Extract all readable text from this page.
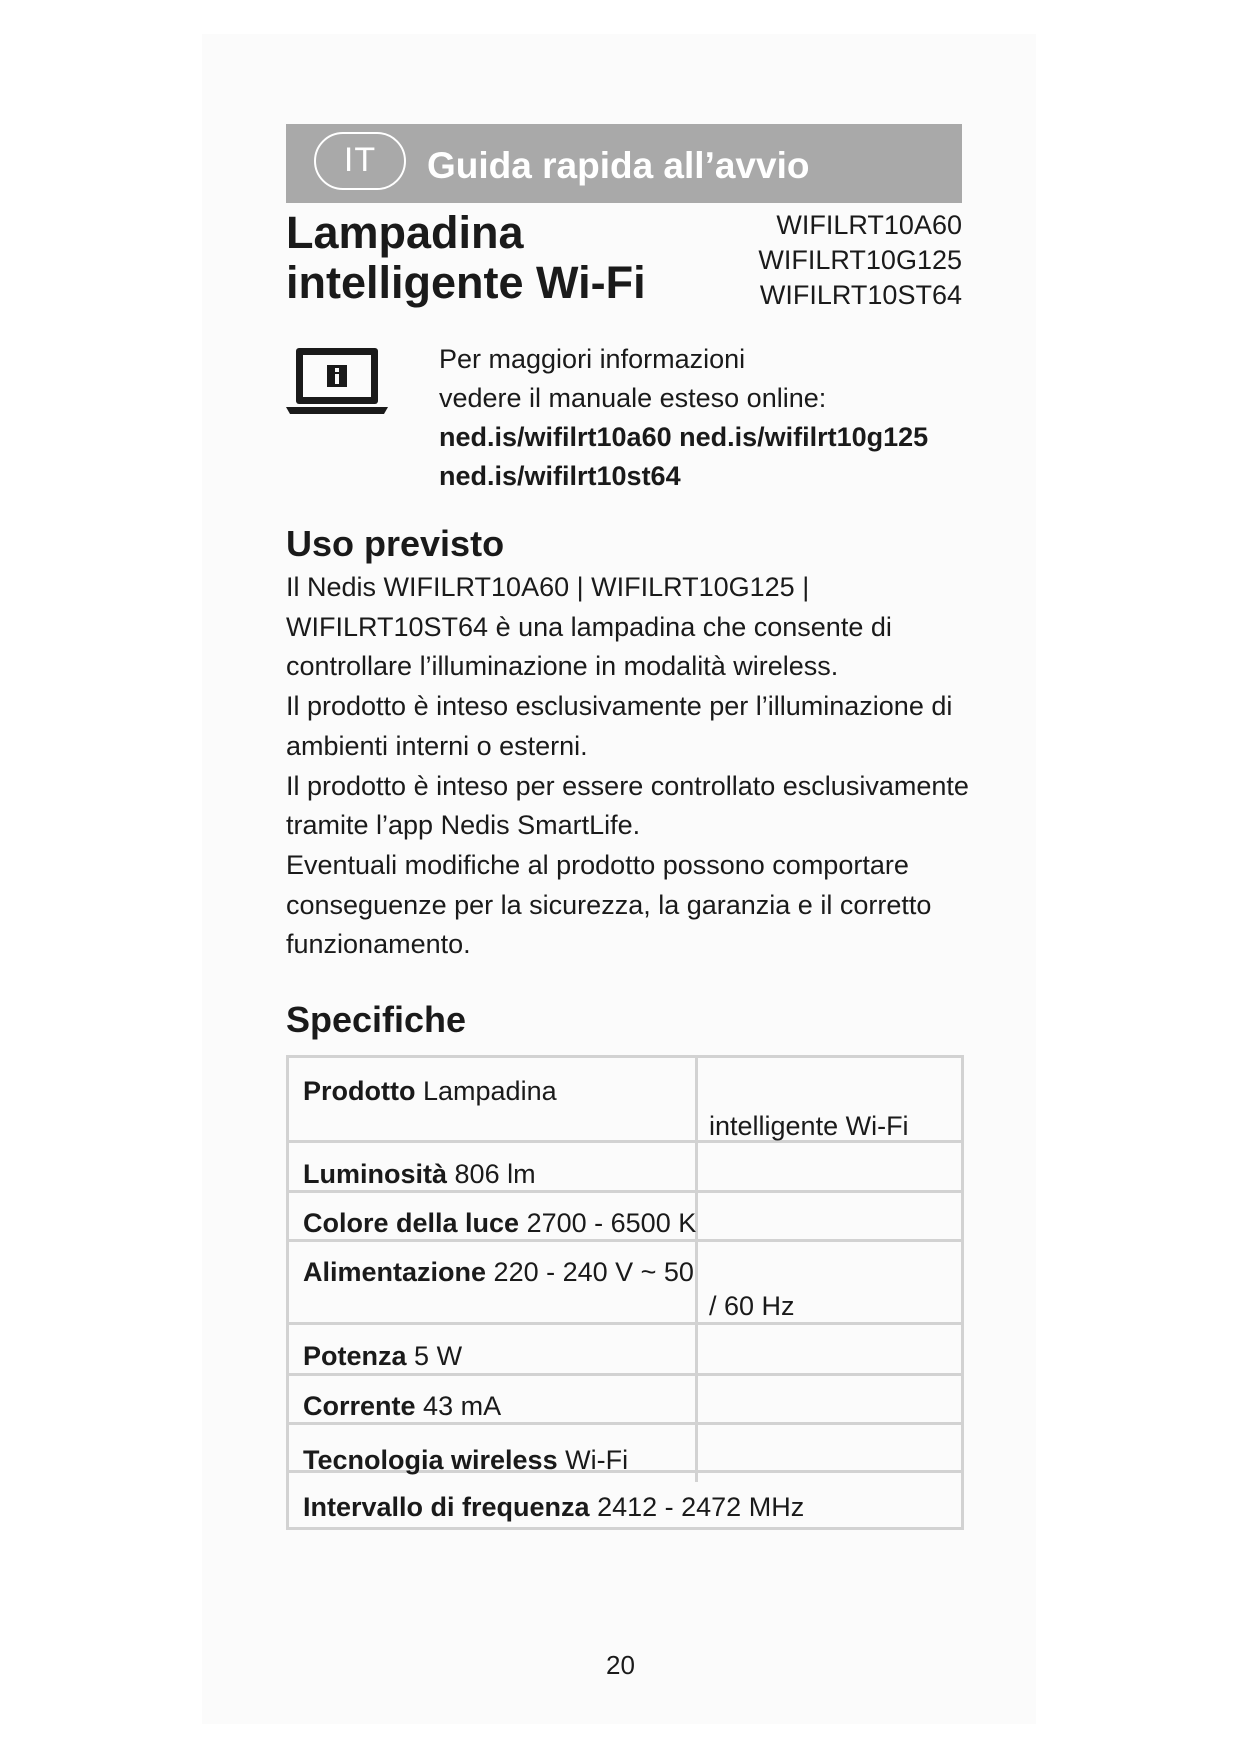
IT	Guida rapida all’avvio
Lampadina
intelligente Wi-Fi
WIFILRT10A60
WIFILRT10G125
WIFILRT10ST64
Per maggiori informazioni
vedere il manuale esteso online:
ned.is/wifilrt10a60 ned.is/wifilrt10g125
ned.is/wifilrt10st64
Uso previsto

Il Nedis WIFILRT10A60 | WIFILRT10G125 | WIFILRT10ST64 è una lampadina che consente di controllare l’illuminazione in modalità wireless.

Il prodotto è inteso esclusivamente per l’illuminazione di ambienti interni o esterni.

Il prodotto è inteso per essere controllato esclusivamente tramite l’app Nedis SmartLife.

Eventuali modifiche al prodotto possono comportare conseguenze per la sicurezza, la garanzia e il corretto funzionamento.

Specifiche
Prodotto Lampadina
intelligente Wi-Fi
Luminosità 806 lm
Colore della luce 2700 - 6500 K
Alimentazione 220 - 240 V ~ 50
/ 60 Hz
Potenza 5 W
Corrente 43 mA
Tecnologia wireless Wi-Fi
Intervallo di frequenza 2412 - 2472 MHz
20
